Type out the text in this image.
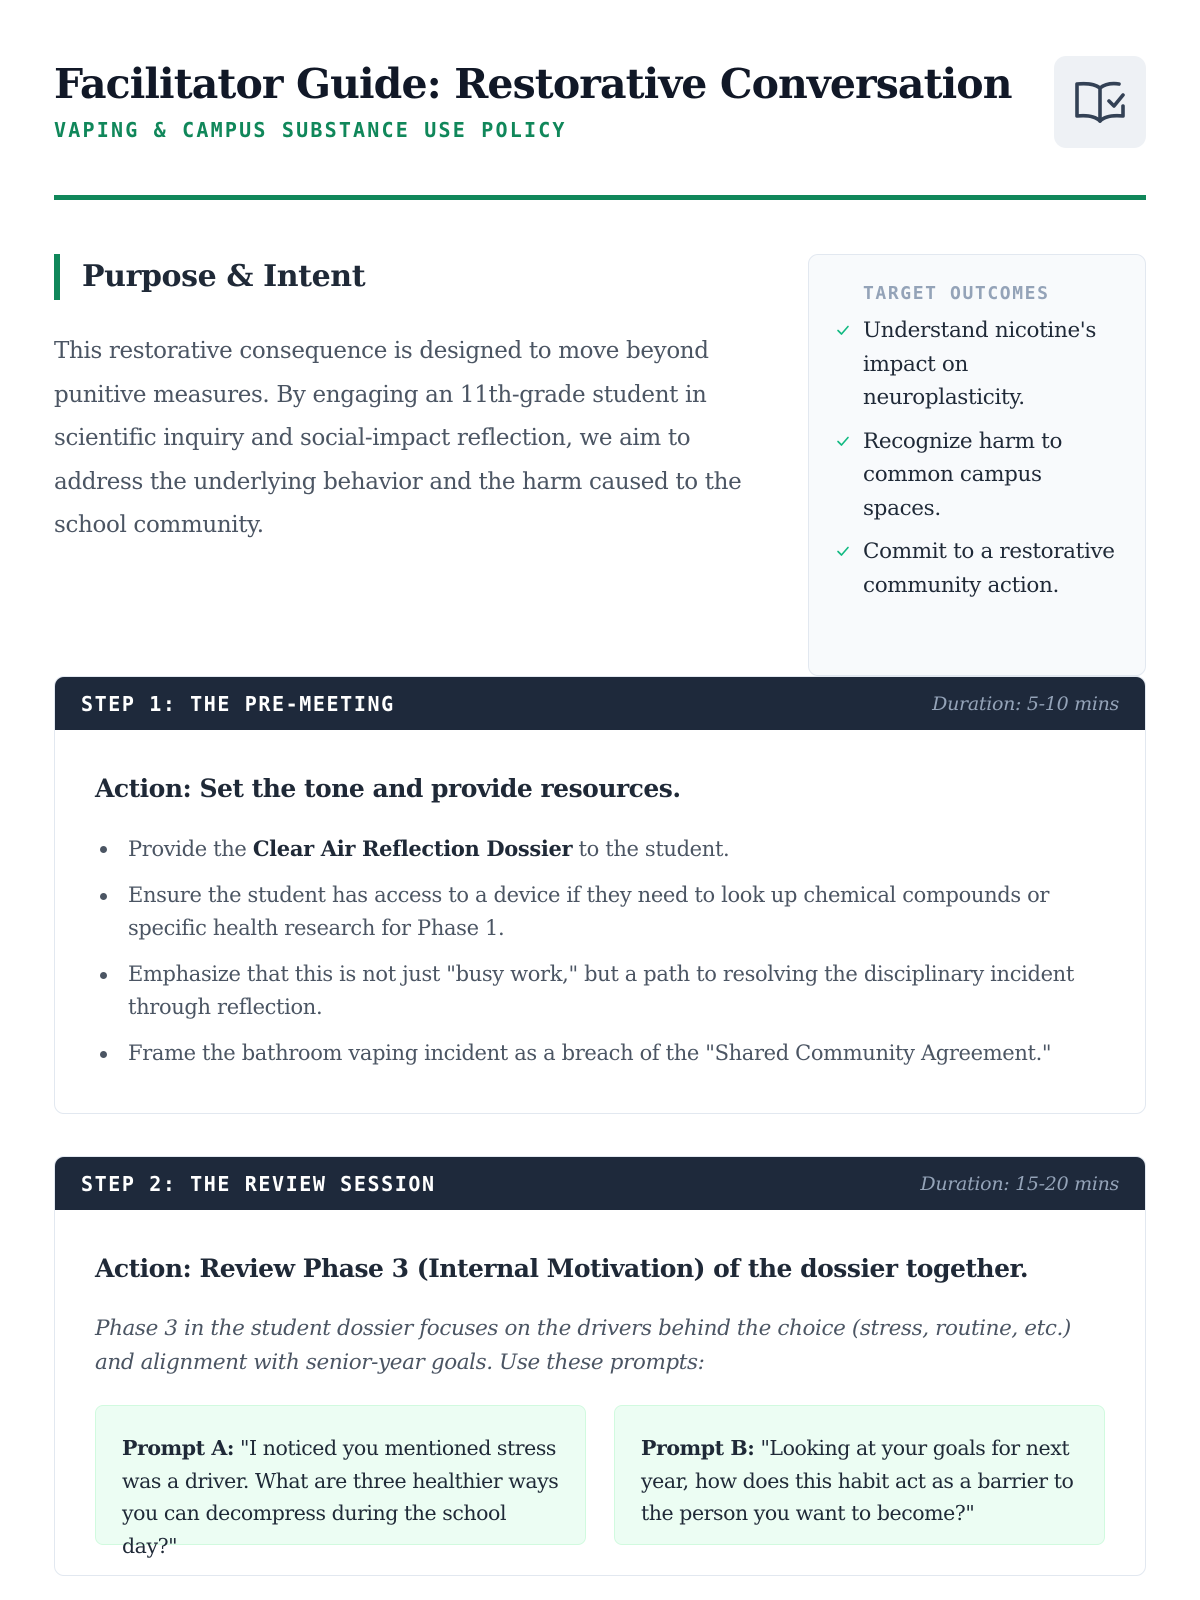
Facilitator Guide: Restorative Conversation
VAPING & CAMPUS SUBSTANCE USE POLICY
Purpose & Intent

This restorative consequence is designed to move beyond punitive measures. By engaging an 11th-grade student in scientific inquiry and social-impact reflection, we aim to address the underlying behavior and the harm caused to the school community.

TARGET OUTCOMES
Understand nicotine's impact on neuroplasticity.
Recognize harm to common campus spaces.
Commit to a restorative community action.
STEP 1: THE PRE-MEETING	Duration: 5-10 mins
Action: Set the tone and provide resources.
Provide the Clear Air Reflection Dossier to the student.
Ensure the student has access to a device if they need to look up chemical compounds or specific health research for Phase 1.
Emphasize that this is not just "busy work," but a path to resolving the disciplinary incident through reflection.
Frame the bathroom vaping incident as a breach of the "Shared Community Agreement."
STEP 2: THE REVIEW SESSION	Duration: 15-20 mins
Action: Review Phase 3 (Internal Motivation) of the dossier together.

Phase 3 in the student dossier focuses on the drivers behind the choice (stress, routine, etc.) and alignment with senior-year goals. Use these prompts:

Prompt A: "I noticed you mentioned stress was a driver. What are three healthier ways you can decompress during the school day?"
Prompt B: "Looking at your goals for next year, how does this habit act as a barrier to the person you want to become?"
